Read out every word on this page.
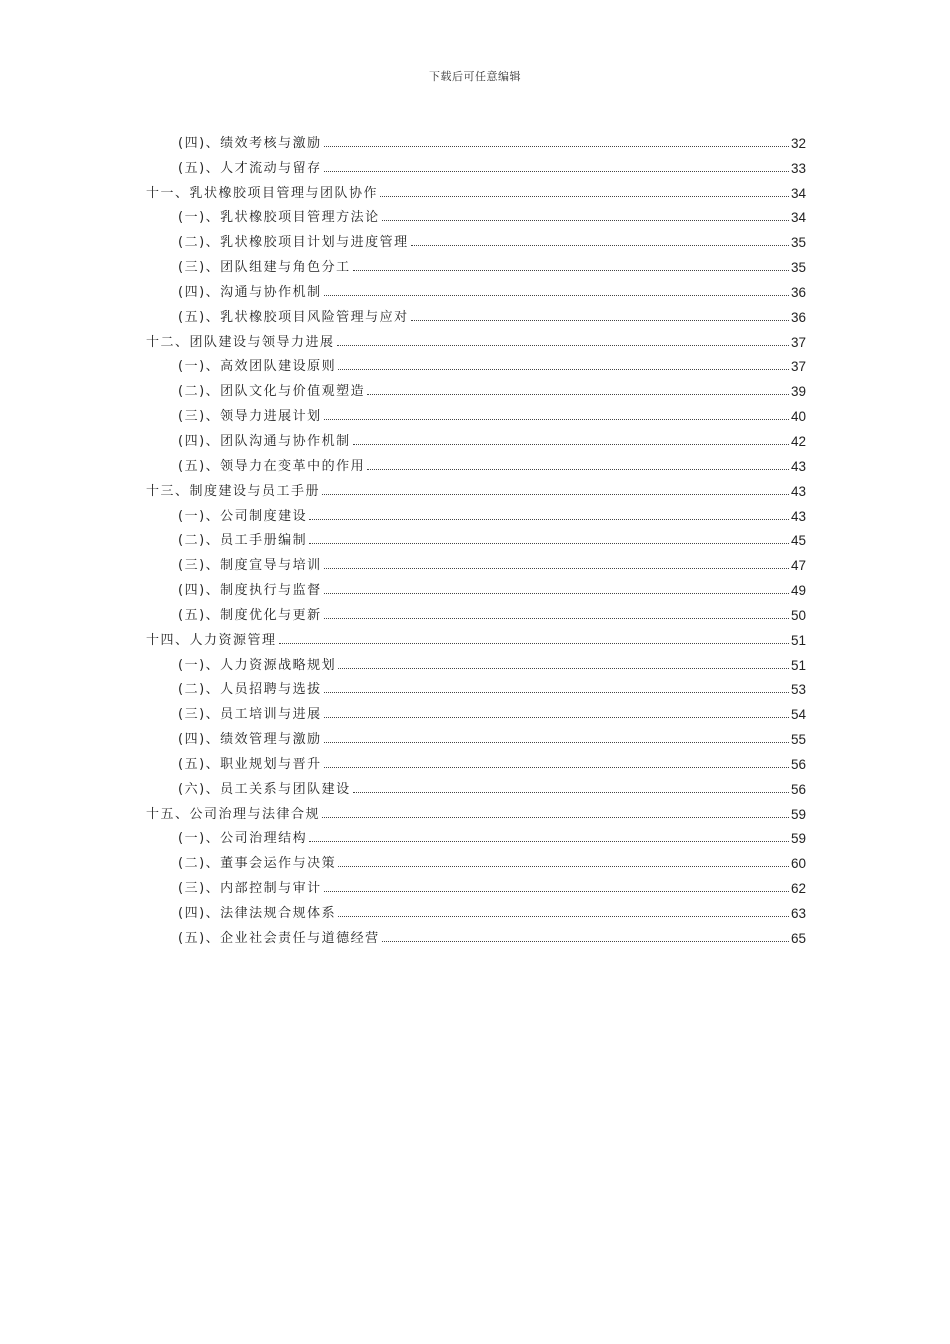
下载后可任意编辑
(四)、绩效考核与激励	32
(五)、人才流动与留存	33
十一、乳状橡胶项目管理与团队协作	34
(一)、乳状橡胶项目管理方法论	34
(二)、乳状橡胶项目计划与进度管理	35
(三)、团队组建与角色分工	35
(四)、沟通与协作机制	36
(五)、乳状橡胶项目风险管理与应对	36
十二、团队建设与领导力进展	37
(一)、高效团队建设原则	37
(二)、团队文化与价值观塑造	39
(三)、领导力进展计划	40
(四)、团队沟通与协作机制	42
(五)、领导力在变革中的作用	43
十三、制度建设与员工手册	43
(一)、公司制度建设	43
(二)、员工手册编制	45
(三)、制度宣导与培训	47
(四)、制度执行与监督	49
(五)、制度优化与更新	50
十四、人力资源管理	51
(一)、人力资源战略规划	51
(二)、人员招聘与选拔	53
(三)、员工培训与进展	54
(四)、绩效管理与激励	55
(五)、职业规划与晋升	56
(六)、员工关系与团队建设	56
十五、公司治理与法律合规	59
(一)、公司治理结构	59
(二)、董事会运作与决策	60
(三)、内部控制与审计	62
(四)、法律法规合规体系	63
(五)、企业社会责任与道德经营	65
